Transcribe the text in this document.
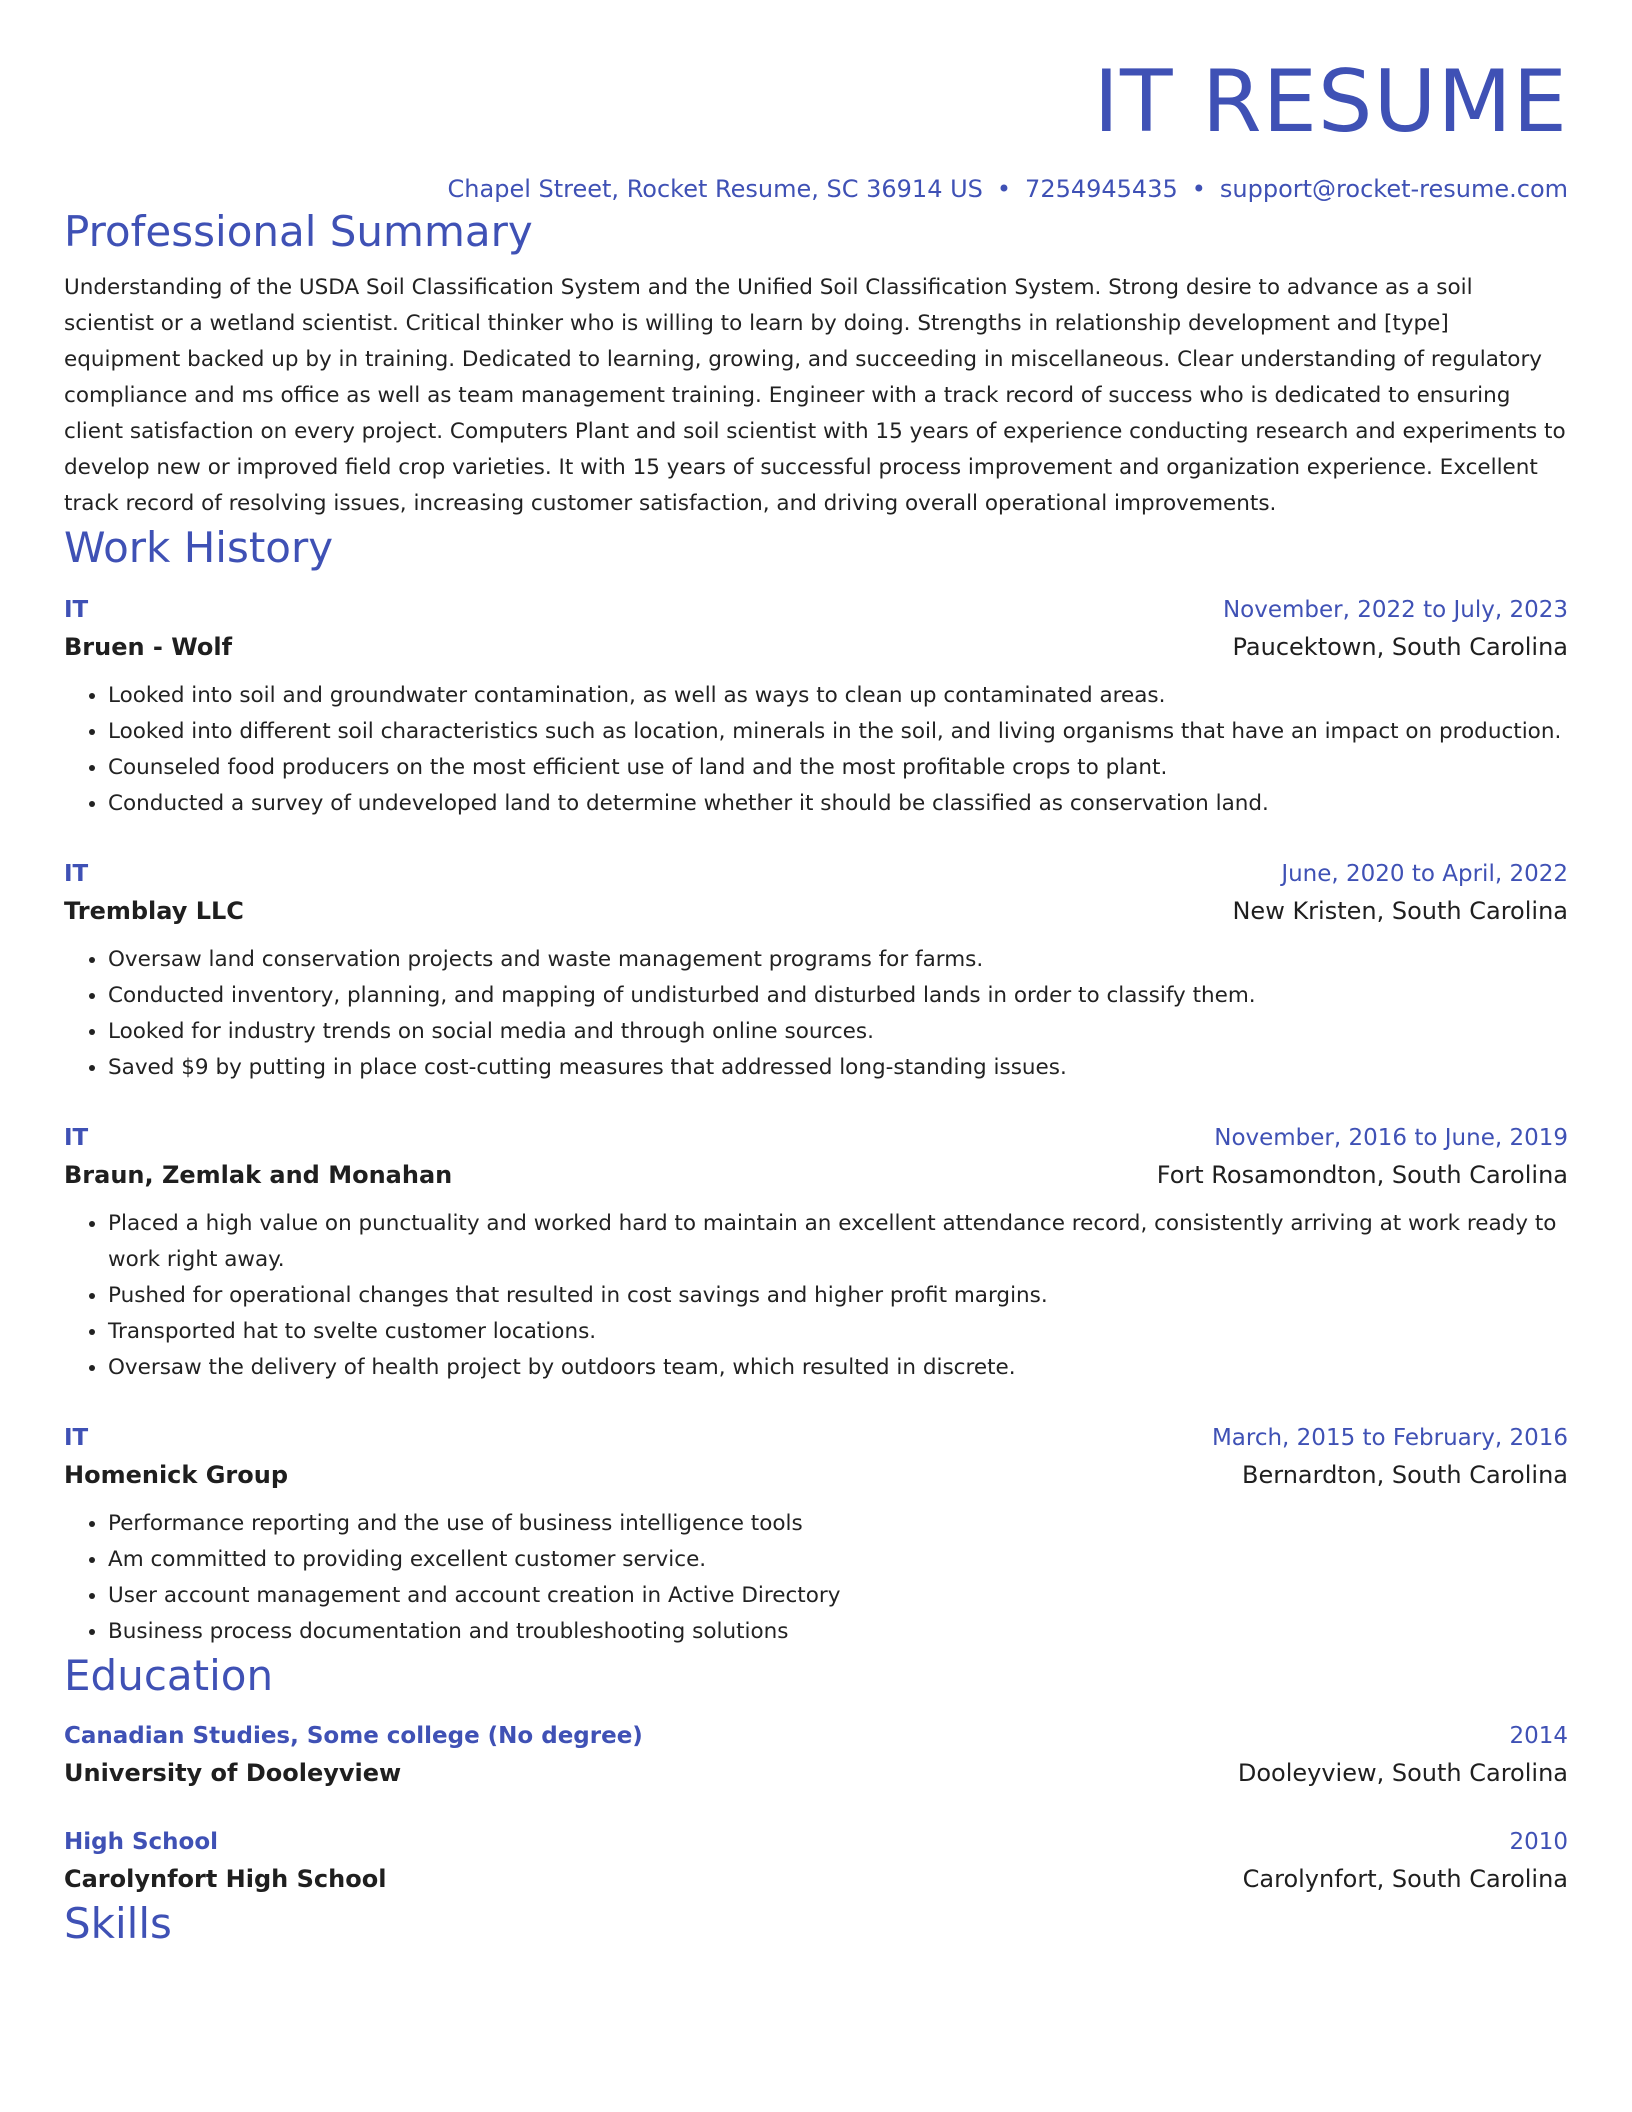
IT RESUME
Chapel Street, Rocket Resume, SC 36914 US • 7254945435 • support@rocket-resume.com
Professional Summary
Understanding of the USDA Soil Classification System and the Unified Soil Classification System. Strong desire to advance as a soil scientist or a wetland scientist. Critical thinker who is willing to learn by doing. Strengths in relationship development and [type] equipment backed up by in training. Dedicated to learning, growing, and succeeding in miscellaneous. Clear understanding of regulatory compliance and ms office as well as team management training. Engineer with a track record of success who is dedicated to ensuring client satisfaction on every project. Computers Plant and soil scientist with 15 years of experience conducting research and experiments to develop new or improved field crop varieties. It with 15 years of successful process improvement and organization experience. Excellent track record of resolving issues, increasing customer satisfaction, and driving overall operational improvements.
Work History
IT	November, 2022 to July, 2023
Bruen - Wolf	Paucektown, South Carolina
• Looked into soil and groundwater contamination, as well as ways to clean up contaminated areas.
• Looked into different soil characteristics such as location, minerals in the soil, and living organisms that have an impact on production.
• Counseled food producers on the most efficient use of land and the most profitable crops to plant.
• Conducted a survey of undeveloped land to determine whether it should be classified as conservation land.
IT	June, 2020 to April, 2022
Tremblay LLC	New Kristen, South Carolina
• Oversaw land conservation projects and waste management programs for farms.
• Conducted inventory, planning, and mapping of undisturbed and disturbed lands in order to classify them.
• Looked for industry trends on social media and through online sources.
• Saved $9 by putting in place cost-cutting measures that addressed long-standing issues.
IT	November, 2016 to June, 2019
Braun, Zemlak and Monahan	Fort Rosamondton, South Carolina
• Placed a high value on punctuality and worked hard to maintain an excellent attendance record, consistently arriving at work ready to work right away.
• Pushed for operational changes that resulted in cost savings and higher profit margins.
• Transported hat to svelte customer locations.
• Oversaw the delivery of health project by outdoors team, which resulted in discrete.
IT	March, 2015 to February, 2016
Homenick Group	Bernardton, South Carolina
• Performance reporting and the use of business intelligence tools
• Am committed to providing excellent customer service.
• User account management and account creation in Active Directory
• Business process documentation and troubleshooting solutions
Education
Canadian Studies, Some college (No degree)	2014
University of Dooleyview	Dooleyview, South Carolina
High School	2010
Carolynfort High School	Carolynfort, South Carolina
Skills
